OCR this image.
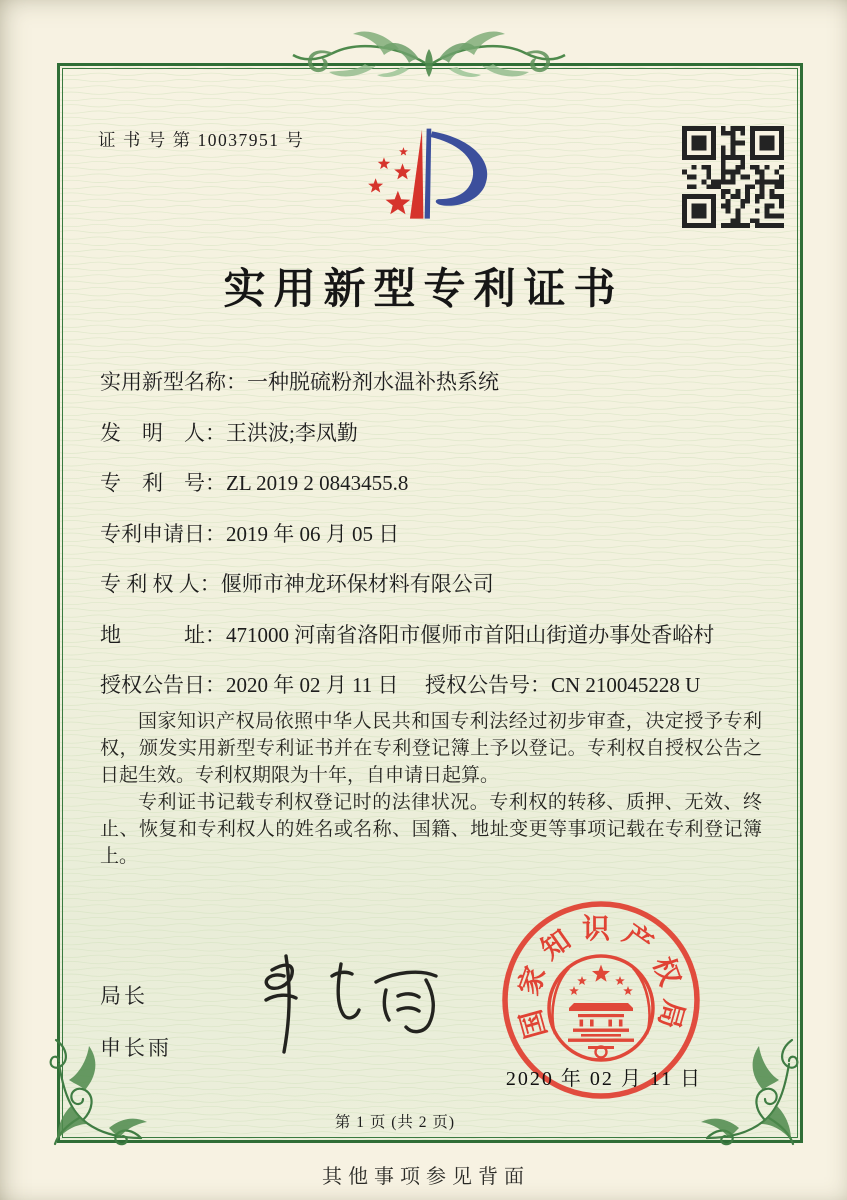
证 书 号 第 10037951 号
实用新型专利证书
实用新型名称：一种脱硫粉剂水温补热系统
发　明　人：王洪波;李凤勤
专　利　号：ZL 2019 2 0843455.8
专利申请日：2019 年 06 月 05 日
专 利 权 人：偃师市神龙环保材料有限公司
地　　　址：471000 河南省洛阳市偃师市首阳山街道办事处香峪村
授权公告日：2020 年 02 月 11 日 授权公告号：CN 210045228 U

国家知识产权局依照中华人民共和国专利法经过初步审查，决定授予专利权，颁发实用新型专利证书并在专利登记簿上予以登记。专利权自授权公告之日起生效。专利权期限为十年，自申请日起算。

专利证书记载专利权登记时的法律状况。专利权的转移、质押、无效、终止、恢复和专利权人的姓名或名称、国籍、地址变更等事项记载在专利登记簿上。

局长
申长雨
国家知识产权局
2020 年 02 月 11 日
第 1 页 (共 2 页)
其他事项参见背面
